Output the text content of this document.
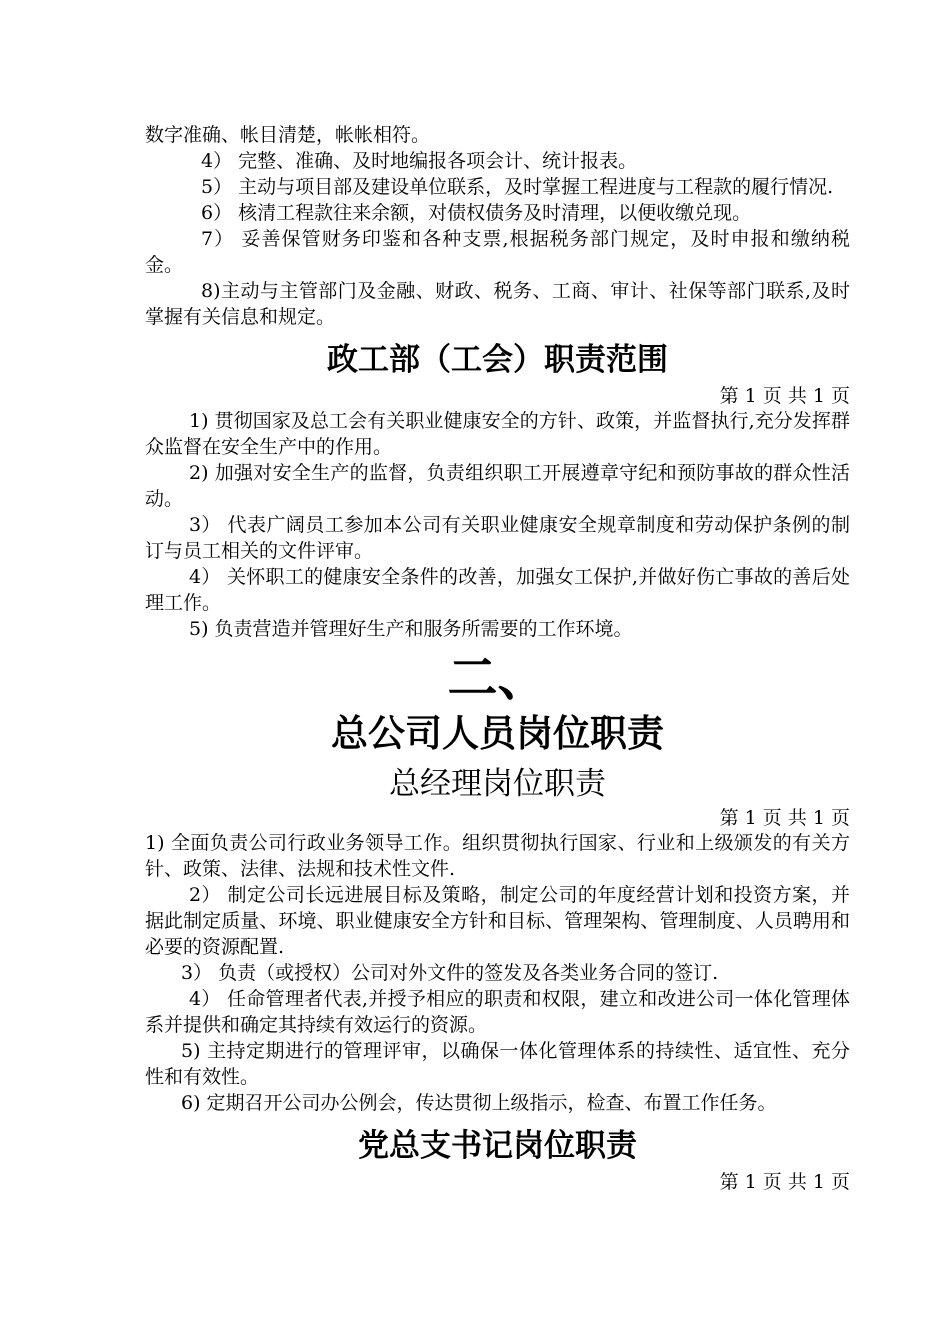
数字准确、帐目清楚，帐帐相符。

4） 完整、准确、及时地编报各项会计、统计报表。

5） 主动与项目部及建设单位联系，及时掌握工程进度与工程款的履行情况.

6） 核清工程款往来余额，对债权债务及时清理，以便收缴兑现。

7） 妥善保管财务印鉴和各种支票,根据税务部门规定，及时申报和缴纳税金。

8)主动与主管部门及金融、财政、税务、工商、审计、社保等部门联系,及时掌握有关信息和规定。

政工部（工会）职责范围
第 1 页 共 1 页

1) 贯彻国家及总工会有关职业健康安全的方针、政策，并监督执行,充分发挥群众监督在安全生产中的作用。

2) 加强对安全生产的监督，负责组织职工开展遵章守纪和预防事故的群众性活动。

3） 代表广阔员工参加本公司有关职业健康安全规章制度和劳动保护条例的制订与员工相关的文件评审。

4） 关怀职工的健康安全条件的改善，加强女工保护,并做好伤亡事故的善后处理工作。

5) 负责营造并管理好生产和服务所需要的工作环境。

二、
总公司人员岗位职责
总经理岗位职责
第 1 页 共 1 页

1) 全面负责公司行政业务领导工作。组织贯彻执行国家、行业和上级颁发的有关方针、政策、法律、法规和技术性文件.

2） 制定公司长远进展目标及策略，制定公司的年度经营计划和投资方案，并据此制定质量、环境、职业健康安全方针和目标、管理架构、管理制度、人员聘用和必要的资源配置.

3） 负责（或授权）公司对外文件的签发及各类业务合同的签订.

4） 任命管理者代表,并授予相应的职责和权限，建立和改进公司一体化管理体系并提供和确定其持续有效运行的资源。

5) 主持定期进行的管理评审，以确保一体化管理体系的持续性、适宜性、充分性和有效性。

6) 定期召开公司办公例会，传达贯彻上级指示，检查、布置工作任务。

党总支书记岗位职责
第 1 页 共 1 页
